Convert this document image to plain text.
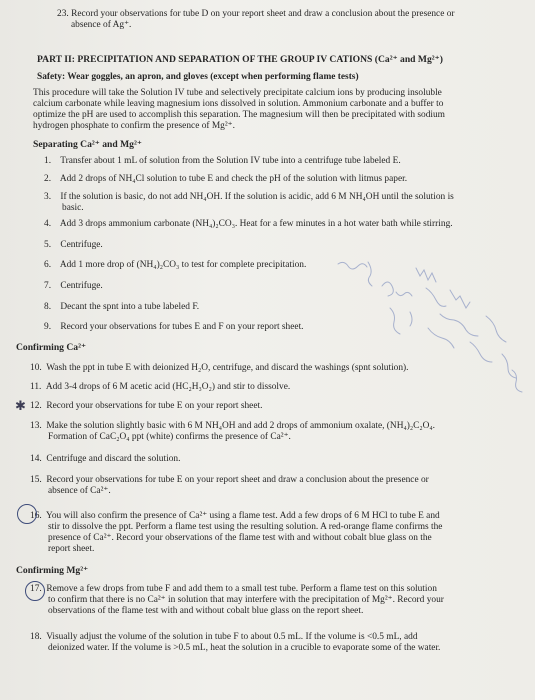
23. Record your observations for tube D on your report sheet and draw a conclusion about the presence or

absence of Ag⁺.

PART II: PRECIPITATION AND SEPARATION OF THE GROUP IV CATIONS (Ca²⁺ and Mg²⁺)
Safety: Wear goggles, an apron, and gloves (except when performing flame tests)

This procedure will take the Solution IV tube and selectively precipitate calcium ions by producing insoluble

calcium carbonate while leaving magnesium ions dissolved in solution. Ammonium carbonate and a buffer to

optimize the pH are used to accomplish this separation. The magnesium will then be precipitated with sodium

hydrogen phosphate to confirm the presence of Mg²⁺.

Separating Ca²⁺ and Mg²⁺

1. Transfer about 1 mL of solution from the Solution IV tube into a centrifuge tube labeled E.

2. Add 2 drops of NH₄Cl solution to tube E and check the pH of the solution with litmus paper.

3. If the solution is basic, do not add NH₄OH. If the solution is acidic, add 6 M NH₄OH until the solution is

basic.

4. Add 3 drops ammonium carbonate (NH₄)₂CO₃. Heat for a few minutes in a hot water bath while stirring.

5. Centrifuge.

6. Add 1 more drop of (NH₄)₂CO₃ to test for complete precipitation.

7. Centrifuge.

8. Decant the spnt into a tube labeled F.

9. Record your observations for tubes E and F on your report sheet.

Confirming Ca²⁺

10. Wash the ppt in tube E with deionized H₂O, centrifuge, and discard the washings (spnt solution).

11. Add 3-4 drops of 6 M acetic acid (HC₂H₃O₂) and stir to dissolve.

12. Record your observations for tube E on your report sheet.

13. Make the solution slightly basic with 6 M NH₄OH and add 2 drops of ammonium oxalate, (NH₄)₂C₂O₄.

Formation of CaC₂O₄ ppt (white) confirms the presence of Ca²⁺.

14. Centrifuge and discard the solution.

15. Record your observations for tube E on your report sheet and draw a conclusion about the presence or

absence of Ca²⁺.

16. You will also confirm the presence of Ca²⁺ using a flame test. Add a few drops of 6 M HCl to tube E and

stir to dissolve the ppt. Perform a flame test using the resulting solution. A red-orange flame confirms the

presence of Ca²⁺. Record your observations of the flame test with and without cobalt blue glass on the

report sheet.

Confirming Mg²⁺

17. Remove a few drops from tube F and add them to a small test tube. Perform a flame test on this solution

to confirm that there is no Ca²⁺ in solution that may interfere with the precipitation of Mg²⁺. Record your

observations of the flame test with and without cobalt blue glass on the report sheet.

18. Visually adjust the volume of the solution in tube F to about 0.5 mL. If the volume is <0.5 mL, add

deionized water. If the volume is >0.5 mL, heat the solution in a crucible to evaporate some of the water.

✱
